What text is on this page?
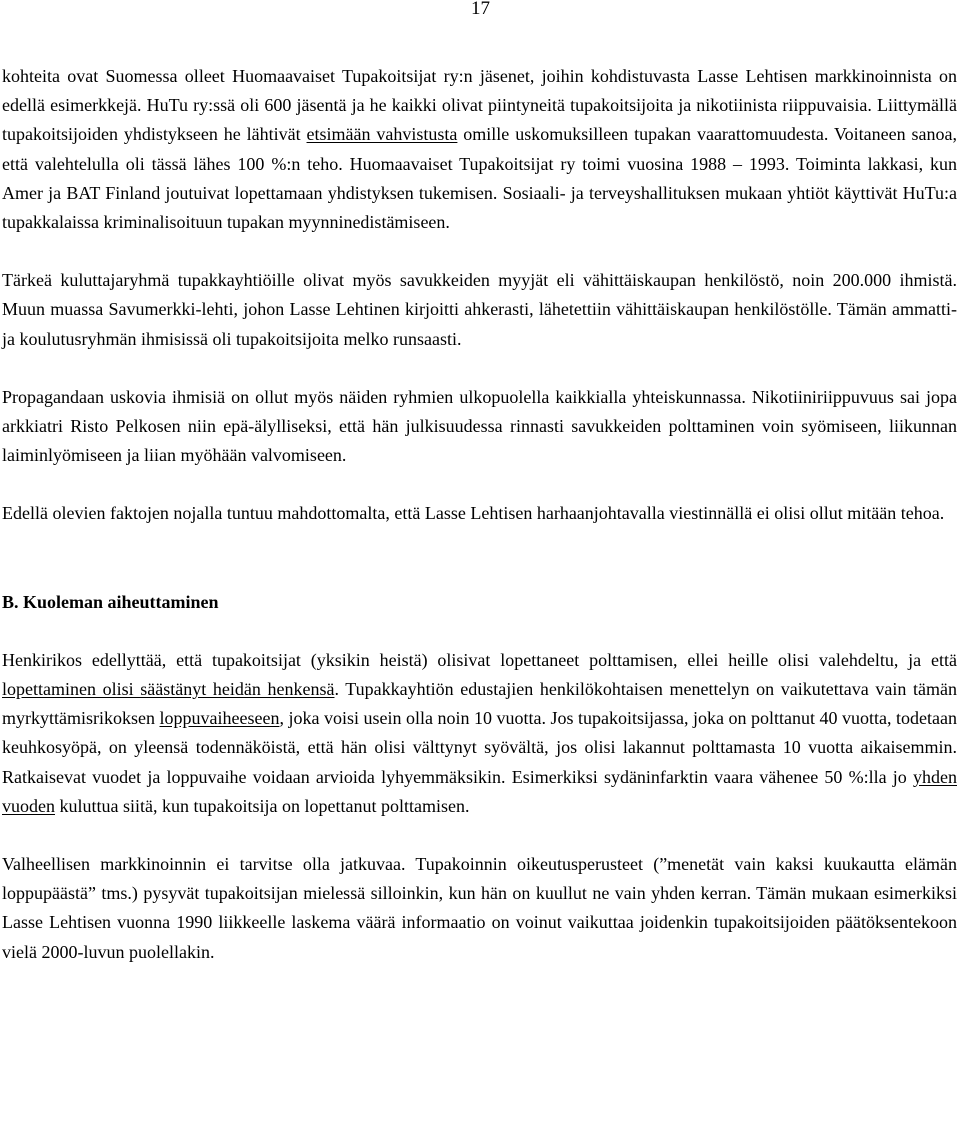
17

kohteita ovat Suomessa olleet Huomaavaiset Tupakoitsijat ry:n jäsenet, joihin kohdistuvasta Lasse Lehtisen markkinoinnista on edellä esimerkkejä. HuTu ry:ssä oli 600 jäsentä ja he kaikki olivat piintyneitä tupakoitsijoita ja nikotiinista riippuvaisia. Liittymällä tupakoitsijoiden yhdistykseen he lähtivät etsimään vahvistusta omille uskomuksilleen tupakan vaarattomuudesta. Voitaneen sanoa, että valehtelulla oli tässä lähes 100 %:n teho. Huomaavaiset Tupakoitsijat ry toimi vuosina 1988 – 1993. Toiminta lakkasi, kun Amer ja BAT Finland joutuivat lopettamaan yhdistyksen tukemisen. Sosiaali- ja terveyshallituksen mukaan yhtiöt käyttivät HuTu:a tupakkalaissa kriminalisoituun tupakan myynninedistämiseen.

Tärkeä kuluttajaryhmä tupakkayhtiöille olivat myös savukkeiden myyjät eli vähittäiskaupan henkilöstö, noin 200.000 ihmistä. Muun muassa Savumerkki-lehti, johon Lasse Lehtinen kirjoitti ahkerasti, lähetettiin vähittäiskaupan henkilöstölle. Tämän ammatti- ja koulutusryhmän ihmisissä oli tupakoitsijoita melko runsaasti.

Propagandaan uskovia ihmisiä on ollut myös näiden ryhmien ulkopuolella kaikkialla yhteiskunnassa. Nikotiiniriippuvuus sai jopa arkkiatri Risto Pelkosen niin epä-älylliseksi, että hän julkisuudessa rinnasti savukkeiden polttaminen voin syömiseen, liikunnan laiminlyömiseen ja liian myöhään valvomiseen.

Edellä olevien faktojen nojalla tuntuu mahdottomalta, että Lasse Lehtisen harhaanjohtavalla viestinnällä ei olisi ollut mitään tehoa.

B. Kuoleman aiheuttaminen

Henkirikos edellyttää, että tupakoitsijat (yksikin heistä) olisivat lopettaneet polttamisen, ellei heille olisi valehdeltu, ja että lopettaminen olisi säästänyt heidän henkensä. Tupakkayhtiön edustajien henkilökohtaisen menettelyn on vaikutettava vain tämän myrkyttämisrikoksen loppuvaiheeseen, joka voisi usein olla noin 10 vuotta. Jos tupakoitsijassa, joka on polttanut 40 vuotta, todetaan keuhkosyöpä, on yleensä todennäköistä, että hän olisi välttynyt syövältä, jos olisi lakannut polttamasta 10 vuotta aikaisemmin. Ratkaisevat vuodet ja loppuvaihe voidaan arvioida lyhyemmäksikin. Esimerkiksi sydäninfarktin vaara vähenee 50 %:lla jo yhden vuoden kuluttua siitä, kun tupakoitsija on lopettanut polttamisen.

Valheellisen markkinoinnin ei tarvitse olla jatkuvaa. Tupakoinnin oikeutusperusteet (”menetät vain kaksi kuukautta elämän loppupäästä” tms.) pysyvät tupakoitsijan mielessä silloinkin, kun hän on kuullut ne vain yhden kerran. Tämän mukaan esimerkiksi Lasse Lehtisen vuonna 1990 liikkeelle laskema väärä informaatio on voinut vaikuttaa joidenkin tupakoitsijoiden päätöksentekoon vielä 2000-luvun puolellakin.
